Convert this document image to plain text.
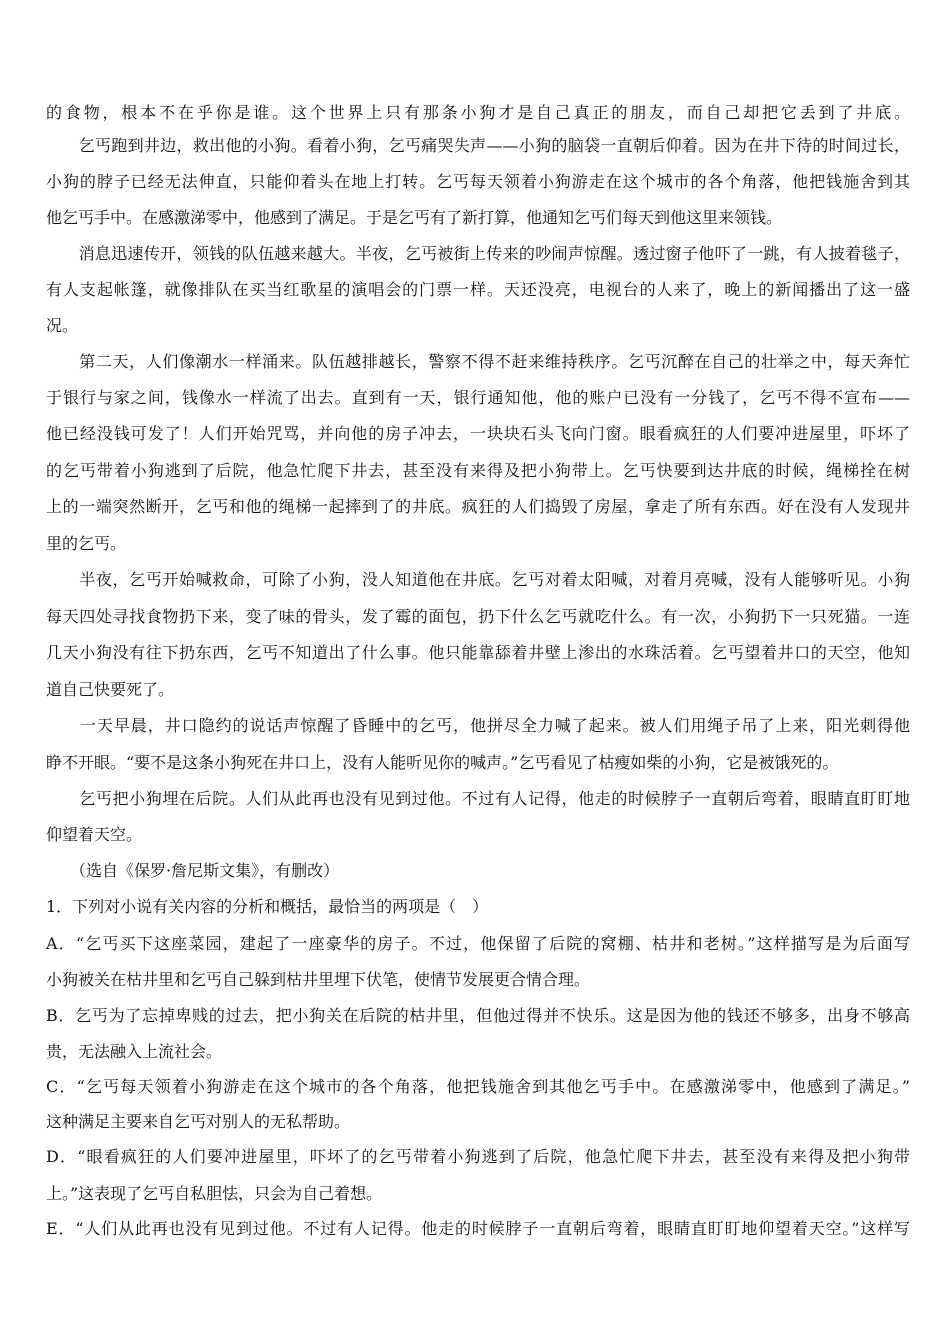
的食物，根本不在乎你是谁。这个世界上只有那条小狗才是自己真正的朋友，而自己却把它丢到了井底。
　　乞丐跑到井边，救出他的小狗。看着小狗，乞丐痛哭失声——小狗的脑袋一直朝后仰着。因为在井下待的时间过长，
小狗的脖子已经无法伸直，只能仰着头在地上打转。乞丐每天领着小狗游走在这个城市的各个角落，他把钱施舍到其
他乞丐手中。在感激涕零中，他感到了满足。于是乞丐有了新打算，他通知乞丐们每天到他这里来领钱。
　　消息迅速传开，领钱的队伍越来越大。半夜，乞丐被街上传来的吵闹声惊醒。透过窗子他吓了一跳，有人披着毯子，
有人支起帐篷，就像排队在买当红歌星的演唱会的门票一样。天还没亮，电视台的人来了，晚上的新闻播出了这一盛
况。
　　第二天，人们像潮水一样涌来。队伍越排越长，警察不得不赶来维持秩序。乞丐沉醉在自己的壮举之中，每天奔忙
于银行与家之间，钱像水一样流了出去。直到有一天，银行通知他，他的账户已没有一分钱了，乞丐不得不宣布——
他已经没钱可发了！人们开始咒骂，并向他的房子冲去，一块块石头飞向门窗。眼看疯狂的人们要冲进屋里，吓坏了
的乞丐带着小狗逃到了后院，他急忙爬下井去，甚至没有来得及把小狗带上。乞丐快要到达井底的时候，绳梯拴在树
上的一端突然断开，乞丐和他的绳梯一起摔到了的井底。疯狂的人们捣毁了房屋，拿走了所有东西。好在没有人发现井
里的乞丐。
　　半夜，乞丐开始喊救命，可除了小狗，没人知道他在井底。乞丐对着太阳喊，对着月亮喊，没有人能够听见。小狗
每天四处寻找食物扔下来，变了味的骨头，发了霉的面包，扔下什么乞丐就吃什么。有一次，小狗扔下一只死猫。一连
几天小狗没有往下扔东西，乞丐不知道出了什么事。他只能靠舔着井壁上渗出的水珠活着。乞丐望着井口的天空，他知
道自己快要死了。
　　一天早晨，井口隐约的说话声惊醒了昏睡中的乞丐，他拼尽全力喊了起来。被人们用绳子吊了上来，阳光刺得他
睁不开眼。“要不是这条小狗死在井口上，没有人能听见你的喊声。”乞丐看见了枯瘦如柴的小狗，它是被饿死的。
　　乞丐把小狗埋在后院。人们从此再也没有见到过他。不过有人记得，他走的时候脖子一直朝后弯着，眼睛直盯盯地
仰望着天空。
　　（选自《保罗·詹尼斯文集》，有删改）
1．下列对小说有关内容的分析和概括，最恰当的两项是（　）
A．“乞丐买下这座菜园，建起了一座豪华的房子。不过，他保留了后院的窝棚、枯井和老树。”这样描写是为后面写
小狗被关在枯井里和乞丐自己躲到枯井里埋下伏笔，使情节发展更合情合理。
B．乞丐为了忘掉卑贱的过去，把小狗关在后院的枯井里，但他过得并不快乐。这是因为他的钱还不够多，出身不够高
贵，无法融入上流社会。
C．“乞丐每天领着小狗游走在这个城市的各个角落，他把钱施舍到其他乞丐手中。在感激涕零中，他感到了满足。”
这种满足主要来自乞丐对别人的无私帮助。
D．“眼看疯狂的人们要冲进屋里，吓坏了的乞丐带着小狗逃到了后院，他急忙爬下井去，甚至没有来得及把小狗带
上。”这表现了乞丐自私胆怯，只会为自己着想。
E．“人们从此再也没有见到过他。不过有人记得。他走的时候脖子一直朝后弯着，眼睛直盯盯地仰望着天空。”这样写
